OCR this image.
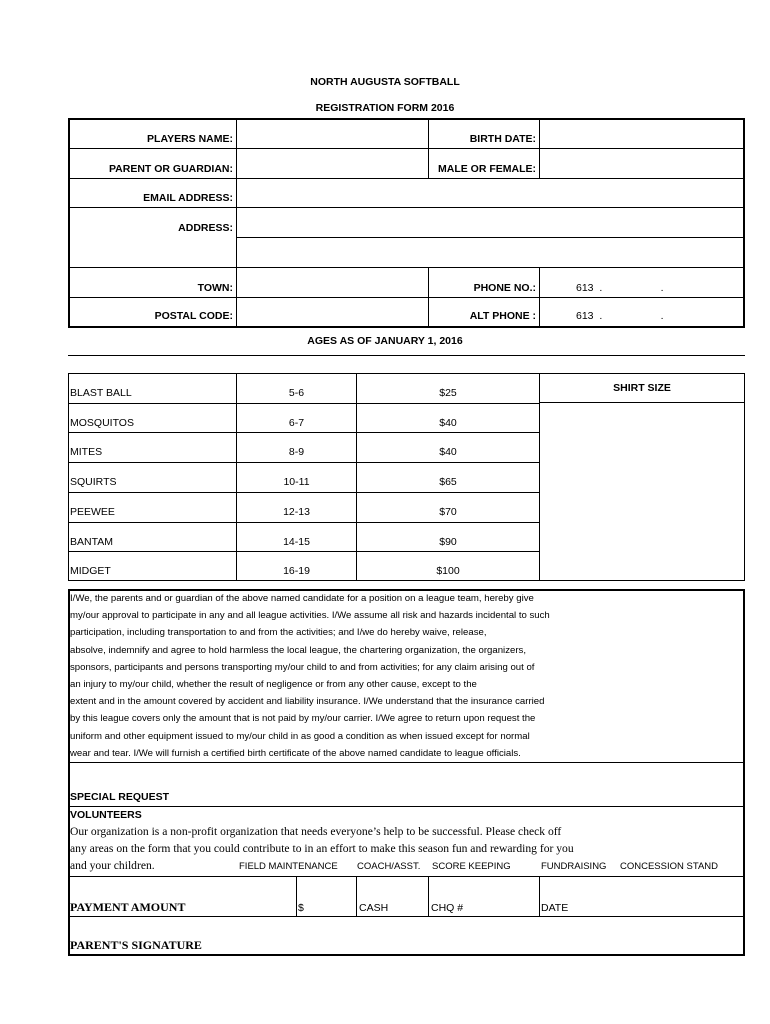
NORTH AUGUSTA SOFTBALL
REGISTRATION FORM 2016
PLAYERS NAME:	BIRTH DATE:
PARENT OR GUARDIAN:	MALE OR FEMALE:
EMAIL ADDRESS:
ADDRESS:
TOWN:	PHONE NO.:	613  .                    .
POSTAL CODE:	ALT PHONE :	613  .                    .
AGES AS OF JANUARY 1, 2016
BLAST BALL	5-6	$25
MOSQUITOS	6-7	$40
MITES	8-9	$40
SQUIRTS	10-11	$65
PEEWEE	12-13	$70
BANTAM	14-15	$90
MIDGET	16-19	$100
SHIRT SIZE
I/We, the parents and or guardian of the above named candidate for a position on a league team, hereby give
my/our approval to participate in any and all league activities. I/We assume all risk and hazards incidental to such
participation, including transportation to and from the activities; and I/we do hereby waive, release,
absolve, indemnify and agree to hold harmless the local league, the chartering organization, the organizers,
sponsors, participants and persons transporting my/our child to and from activities; for any claim arising out of
an injury to my/our child, whether the result of negligence or from any other cause, except to the
extent and in the amount covered by accident and liability insurance. I/We understand that the insurance carried
by this league covers only the amount that is not paid by my/our carrier. I/We agree to return upon request the
uniform and other equipment issued to my/our child in as good a condition as when issued except for normal
wear and tear. I/We will furnish a certified birth certificate of the above named candidate to league officials.
SPECIAL REQUEST
VOLUNTEERS
Our organization is a non-profit organization that needs everyone’s help to be successful. Please check off
any areas on the form that you could contribute to in an effort to make this season fun and rewarding for you
and your children.	FIELD MAINTENANCE COACH/ASST. SCORE KEEPING	FUNDRAISING CONCESSION STAND
PAYMENT AMOUNT	$	CASH	CHQ #	DATE
PARENT'S SIGNATURE
